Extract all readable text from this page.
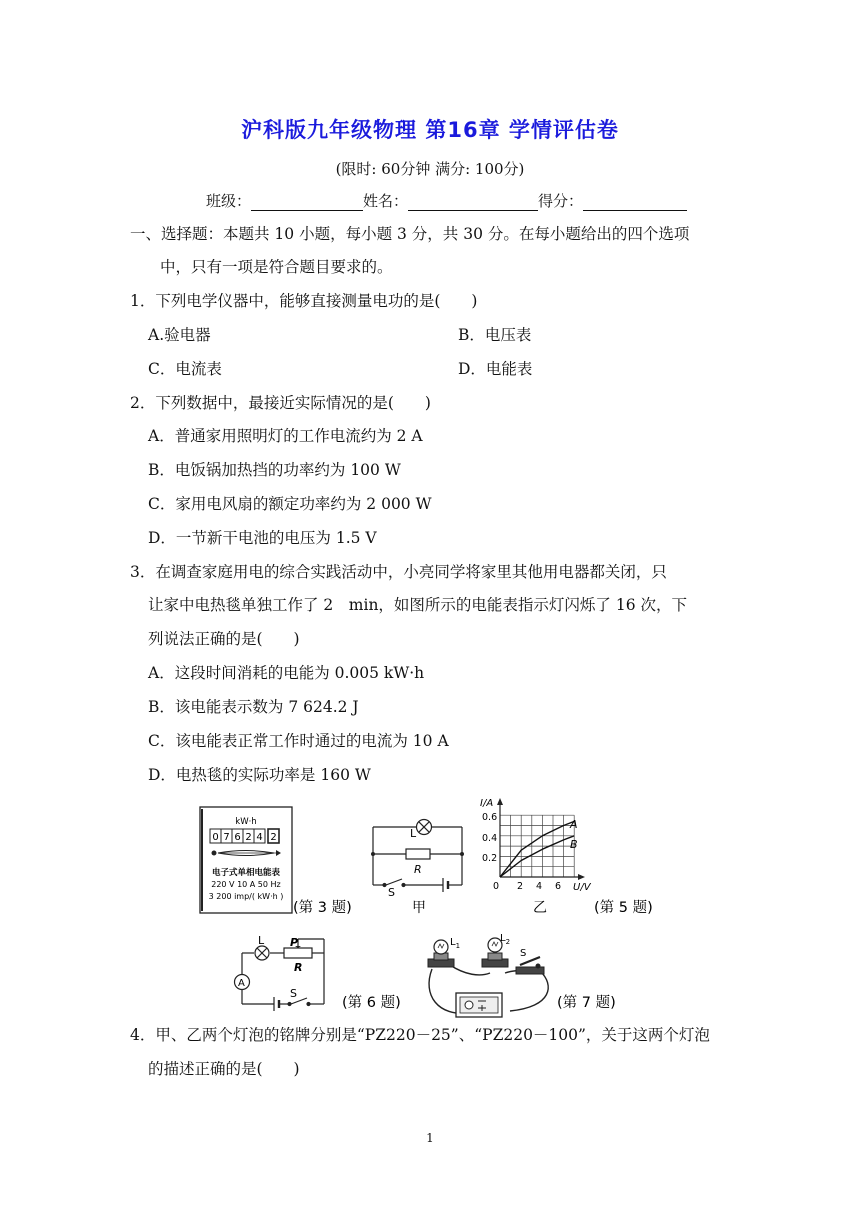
沪科版九年级物理 第16章 学情评估卷
(限时: 60分钟 满分: 100分)
班级：	姓名：	得分：
一、选择题：本题共 10 小题，每小题 3 分，共 30 分。在每小题给出的四个选项
中，只有一项是符合题目要求的。
1．下列电学仪器中，能够直接测量电功的是(　　)
A.验电器	B．电压表
C．电流表	D．电能表
2．下列数据中，最接近实际情况的是(　　)
A．普通家用照明灯的工作电流约为 2 A
B．电饭锅加热挡的功率约为 100 W
C．家用电风扇的额定功率约为 2 000 W
D．一节新干电池的电压为 1.5 V
3．在调查家庭用电的综合实践活动中，小亮同学将家里其他用电器都关闭，只
让家中电热毯单独工作了 2　min，如图所示的电能表指示灯闪烁了 16 次，下
列说法正确的是(　　)
A．这段时间消耗的电能为 0.005 kW·h
B．该电能表示数为 7 624.2 J
C．该电能表正常工作时通过的电流为 10 A
D．电热毯的实际功率是 160 W
kW·h
0 7 6 2 4 2
电子式单相电能表
220 V 10 A 50 Hz
3 200 imp/( kW·h )
(第 3 题)
L
R
S
甲
I/A
U/V
0.6
0.4
0.2
0 2 4 6
A
B
乙	(第 5 题)
A
L P
R
S
(第 6 题)
$L_1$
$L_2$
S
(第 7 题)
4．甲、乙两个灯泡的铭牌分别是“PZ220－25”、“PZ220－100”，关于这两个灯泡
的描述正确的是(　　)
1
